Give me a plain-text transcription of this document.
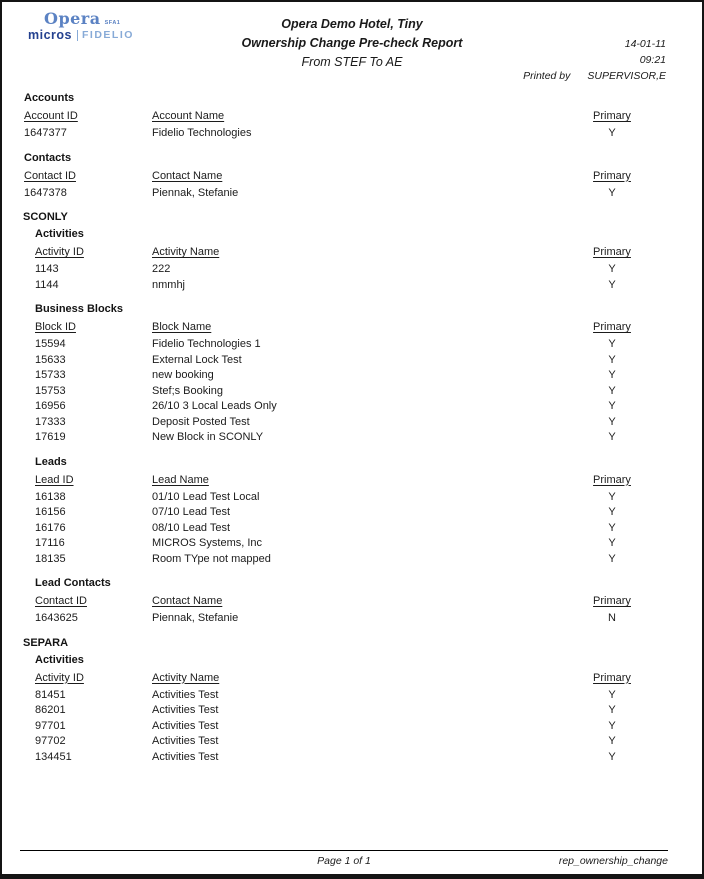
Opera SFA1
micros FIDELIO
Opera Demo Hotel, Tiny
Ownership Change Pre-check Report
From STEF To AE
14-01-11
09:21
Printed by SUPERVISOR,E
Accounts
Account ID	Account Name	Primary
1647377	Fidelio Technologies	Y
Contacts
Contact ID	Contact Name	Primary
1647378	Piennak, Stefanie	Y
SCONLY
Activities
Activity ID	Activity Name	Primary
1143	222	Y
1144	nmmhj	Y
Business Blocks
Block ID	Block Name	Primary
15594	Fidelio Technologies 1	Y
15633	External Lock Test	Y
15733	new booking	Y
15753	Stef;s Booking	Y
16956	26/10 3 Local Leads Only	Y
17333	Deposit Posted Test	Y
17619	New Block in SCONLY	Y
Leads
Lead ID	Lead Name	Primary
16138	01/10 Lead Test Local	Y
16156	07/10 Lead Test	Y
16176	08/10 Lead Test	Y
17116	MICROS Systems, Inc	Y
18135	Room TYpe not mapped	Y
Lead Contacts
Contact ID	Contact Name	Primary
1643625	Piennak, Stefanie	N
SEPARA
Activities
Activity ID	Activity Name	Primary
81451	Activities Test	Y
86201	Activities Test	Y
97701	Activities Test	Y
97702	Activities Test	Y
134451	Activities Test	Y
Page 1 of 1	rep_ownership_change
